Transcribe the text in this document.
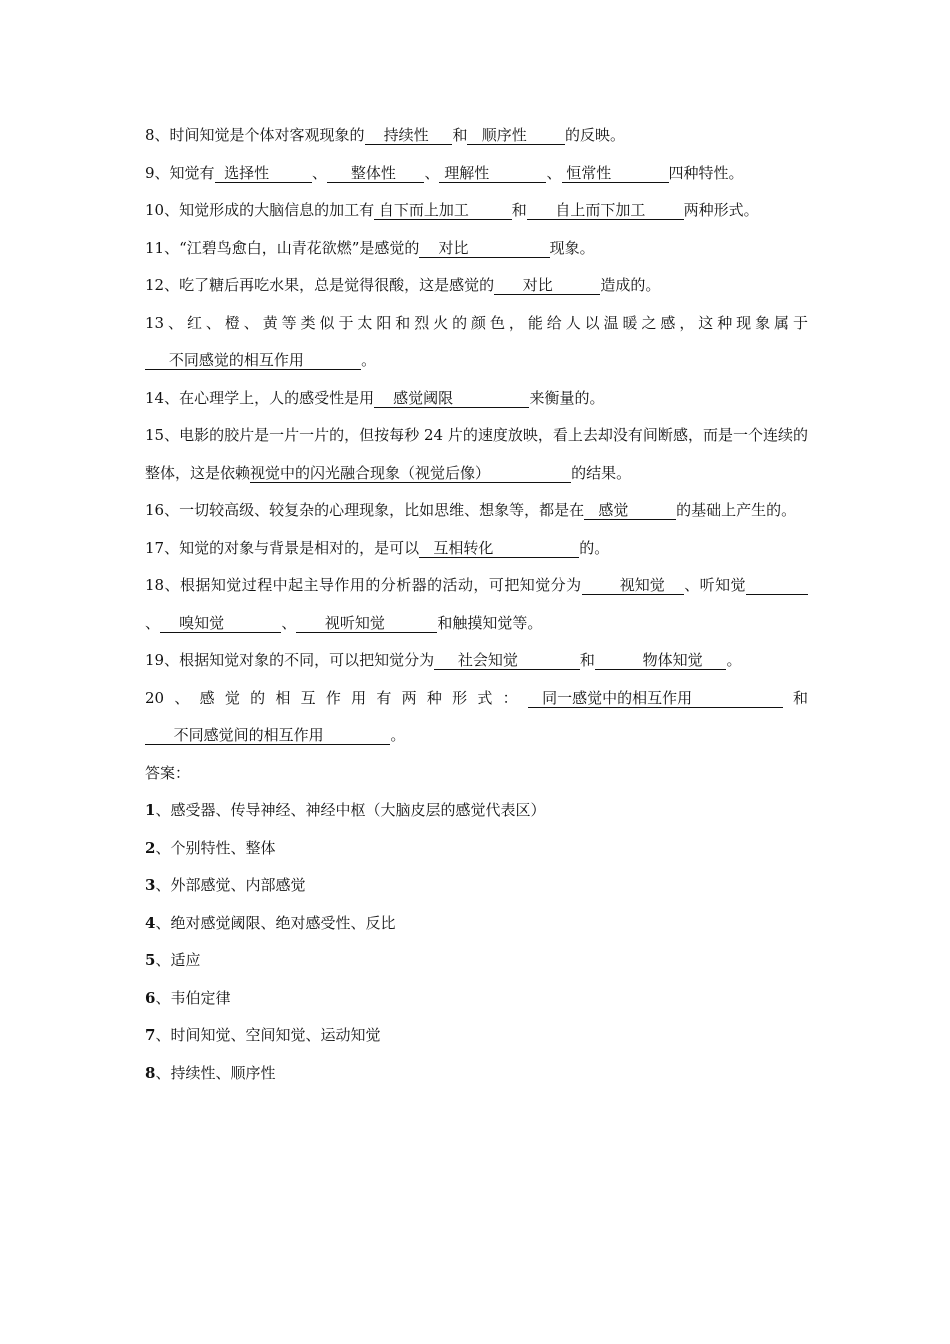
8、时间知觉是个体对客观现象的    持续性     和   顺序性        的反映。

9、知觉有  选择性         、     整体性      、 理解性            、 恒常性            四种特性。

10、知觉形成的大脑信息的加工有 自下而上加工         和      自上而下加工        两种形式。

11、“江碧鸟愈白，山青花欲燃”是感觉的    对比                 现象。

12、吃了糖后再吃水果，总是觉得很酸，这是感觉的      对比          造成的。

13、红、橙、黄等类似于太阳和烈火的颜色，能给人以温暖之感，这种现象属于     不同感觉的相互作用            。

14、在心理学上，人的感受性是用    感觉阈限                来衡量的。

15、电影的胶片是一片一片的，但按每秒 24 片的速度放映，看上去却没有间断感，而是一个连续的整体，这是依赖视觉中的闪光融合现象（视觉后像）                 的结果。

16、一切较高级、较复杂的心理现象，比如思维、想象等，都是在   感觉          的基础上产生的。

17、知觉的对象与背景是相对的，是可以   互相转化                  的。

18、根据知觉过程中起主导作用的分析器的活动，可把知觉分为        视知觉    、听知觉             、    嗅知觉            、      视听知觉           和触摸知觉等。

19、根据知觉对象的不同，可以把知觉分为     社会知觉             和          物体知觉     。

20、感觉的相互作用有两种形式：   同一感觉中的相互作用                   和      不同感觉间的相互作用              。

答案：

1、感受器、传导神经、神经中枢（大脑皮层的感觉代表区）

2、个别特性、整体

3、外部感觉、内部感觉

4、绝对感觉阈限、绝对感受性、反比

5、适应

6、韦伯定律

7、时间知觉、空间知觉、运动知觉

8、持续性、顺序性
